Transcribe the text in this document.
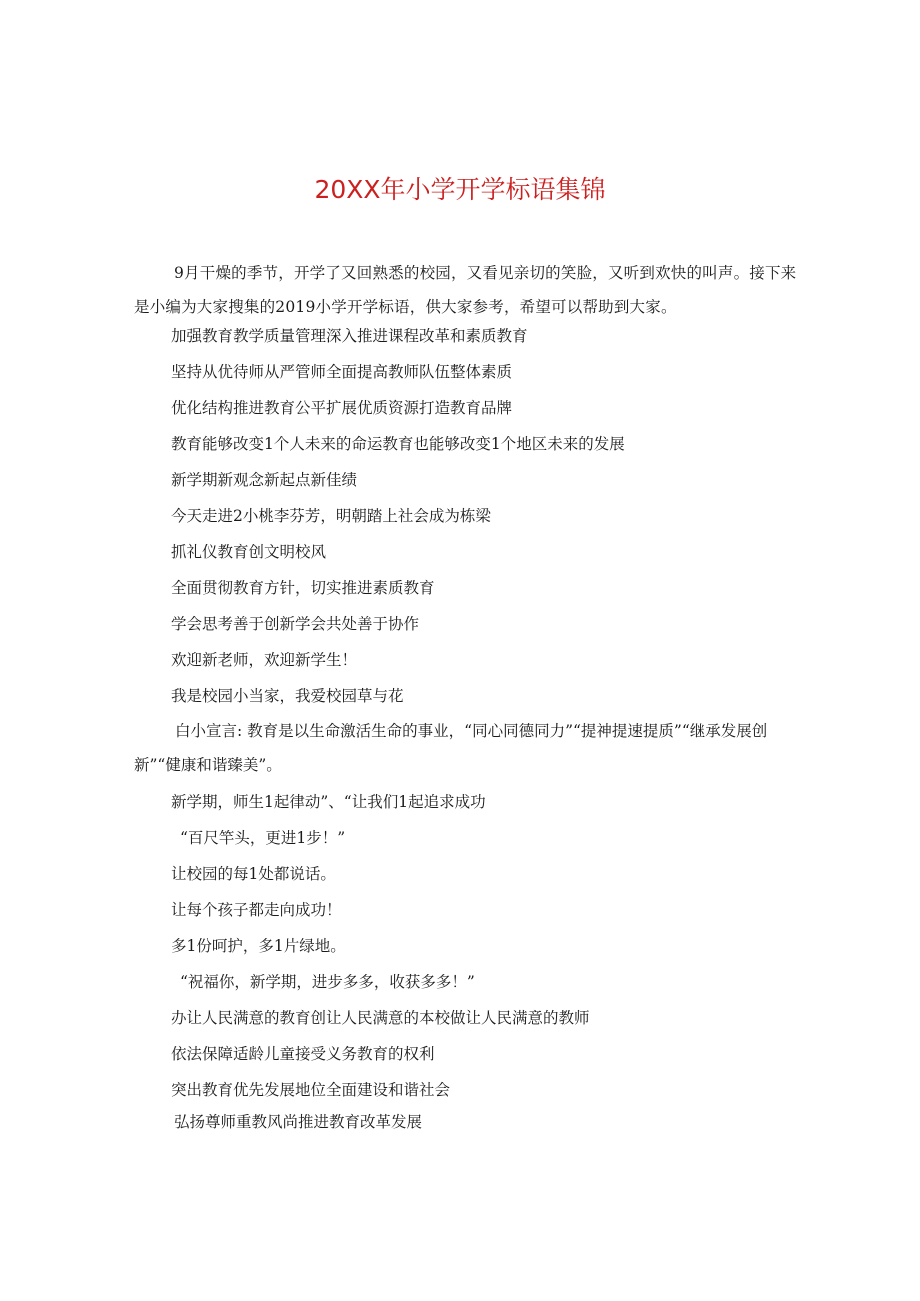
20XX年小学开学标语集锦

9月干燥的季节，开学了又回熟悉的校园，又看见亲切的笑脸，又听到欢快的叫声。接下来是小编为大家搜集的2019小学开学标语，供大家参考，希望可以帮助到大家。

加强教育教学质量管理深入推进课程改革和素质教育
坚持从优待师从严管师全面提高教师队伍整体素质
优化结构推进教育公平扩展优质资源打造教育品牌
教育能够改变1个人未来的命运教育也能够改变1个地区未来的发展
新学期新观念新起点新佳绩
今天走进2小桃李芬芳，明朝踏上社会成为栋梁
抓礼仪教育创文明校风
全面贯彻教育方针，切实推进素质教育
学会思考善于创新学会共处善于协作
欢迎新老师，欢迎新学生！
我是校园小当家，我爱校园草与花
白小宣言: 教育是以生命激活生命的事业，“同心同德同力”“提神提速提质”“继承发展创新”“健康和谐臻美”。
新学期，师生1起律动”、“让我们1起追求成功
“百尺竿头，更进1步！”
让校园的每1处都说话。
让每个孩子都走向成功！
多1份呵护，多1片绿地。
“祝福你，新学期，进步多多，收获多多！”
办让人民满意的教育创让人民满意的本校做让人民满意的教师
依法保障适龄儿童接受义务教育的权利
突出教育优先发展地位全面建设和谐社会
弘扬尊师重教风尚推进教育改革发展
